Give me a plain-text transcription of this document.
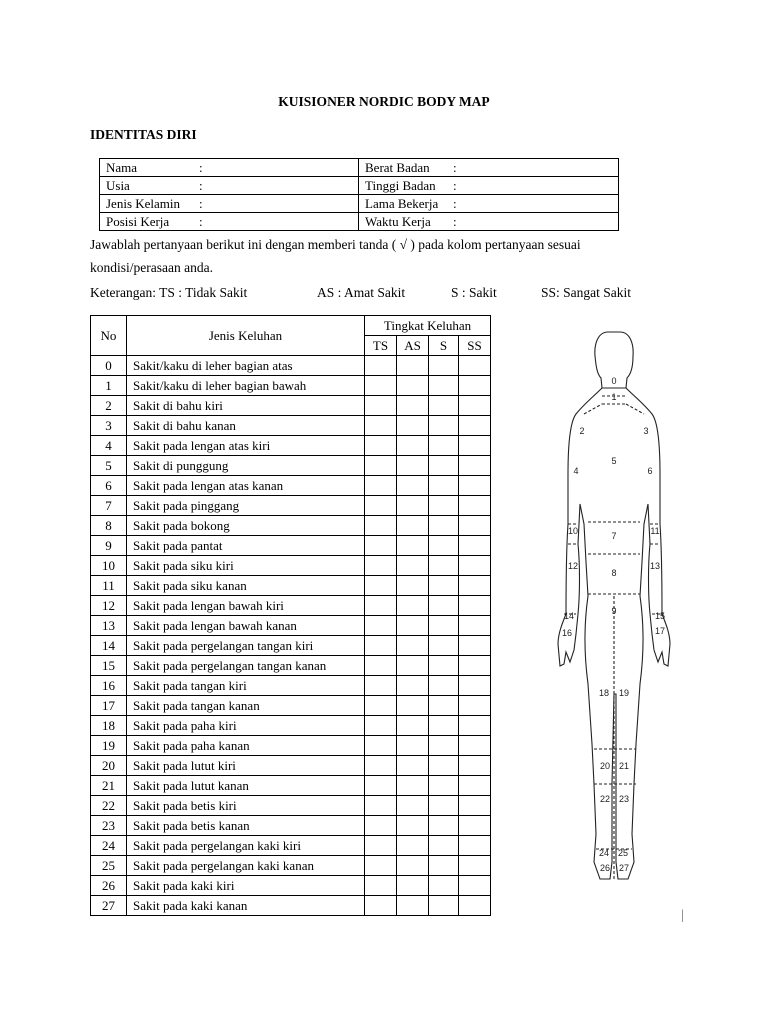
KUISIONER NORDIC BODY MAP
IDENTITAS DIRI
Nama :	Berat Badan :
Usia :	Tinggi Badan :
Jenis Kelamin :	Lama Bekerja :
Posisi Kerja :	Waktu Kerja :
Jawablah pertanyaan berikut ini dengan memberi tanda ( √ ) pada kolom pertanyaan sesuai kondisi/perasaan anda.
Keterangan: TS : Tidak Sakit	AS : Amat Sakit	S : Sakit	SS: Sangat Sakit
No	Jenis Keluhan	Tingkat Keluhan			
		TS	AS	S	SS
0	Sakit/kaku di leher bagian atas				
1	Sakit/kaku di leher bagian bawah				
2	Sakit di bahu kiri				
3	Sakit di bahu kanan				
4	Sakit pada lengan atas kiri				
5	Sakit di punggung				
6	Sakit pada lengan atas kanan				
7	Sakit pada pinggang				
8	Sakit pada bokong				
9	Sakit pada pantat				
10	Sakit pada siku kiri				
11	Sakit pada siku kanan				
12	Sakit pada lengan bawah kiri				
13	Sakit pada lengan bawah kanan				
14	Sakit pada pergelangan tangan kiri				
15	Sakit pada pergelangan tangan kanan				
16	Sakit pada tangan kiri				
17	Sakit pada tangan kanan				
18	Sakit pada paha kiri				
19	Sakit pada paha kanan				
20	Sakit pada lutut kiri				
21	Sakit pada lutut kanan				
22	Sakit pada betis kiri				
23	Sakit pada betis kanan				
24	Sakit pada pergelangan kaki kiri				
25	Sakit pada pergelangan kaki kanan				
26	Sakit pada kaki kiri				
27	Sakit pada kaki kanan				
0
1
2	3
4
5
6
7
8
9
10	11
12	13
14	15
16	17
18 19
20 21
22 23
24 25
26 27
|
